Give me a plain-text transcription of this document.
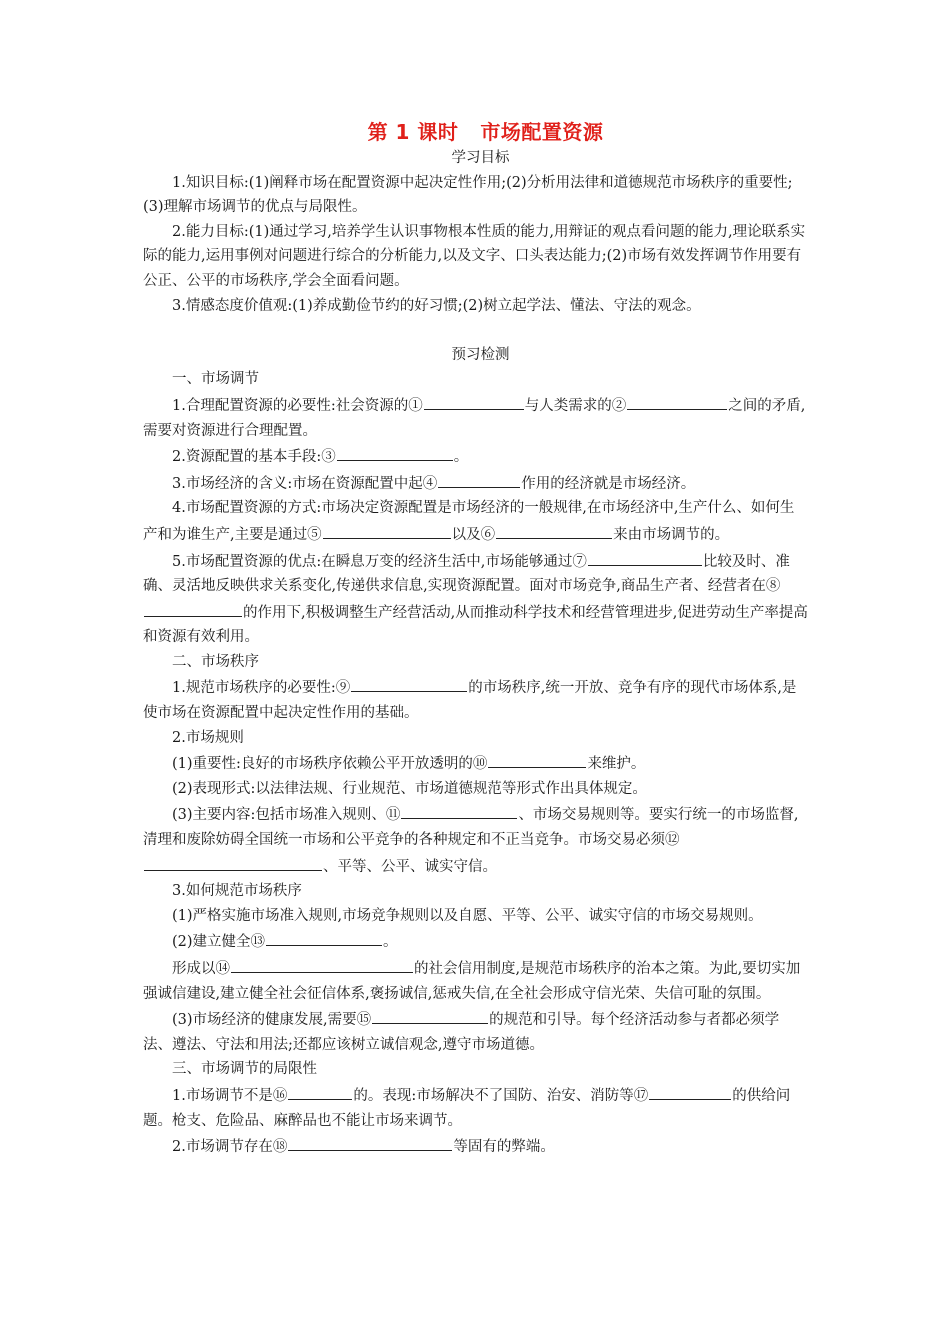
第 1 课时 市场配置资源

学习目标

1.知识目标:(1)阐释市场在配置资源中起决定性作用;(2)分析用法律和道德规范市场秩序的重要性;(3)理解市场调节的优点与局限性。

2.能力目标:(1)通过学习,培养学生认识事物根本性质的能力,用辩证的观点看问题的能力,理论联系实际的能力,运用事例对问题进行综合的分析能力,以及文字、口头表达能力;(2)市场有效发挥调节作用要有公正、公平的市场秩序,学会全面看问题。

3.情感态度价值观:(1)养成勤俭节约的好习惯;(2)树立起学法、懂法、守法的观念。

预习检测

一、市场调节

1.合理配置资源的必要性:社会资源的①	与人类需求的②	之间的矛盾,需要对资源进行合理配置。

2.资源配置的基本手段:③	。

3.市场经济的含义:市场在资源配置中起④	作用的经济就是市场经济。

4.市场配置资源的方式:市场决定资源配置是市场经济的一般规律,在市场经济中,生产什么、如何生产和为谁生产,主要是通过⑤	以及⑥	来由市场调节的。

5.市场配置资源的优点:在瞬息万变的经济生活中,市场能够通过⑦	比较及时、准确、灵活地反映供求关系变化,传递供求信息,实现资源配置。面对市场竞争,商品生产者、经营者在⑧的作用下,积极调整生产经营活动,从而推动科学技术和经营管理进步,促进劳动生产率提高和资源有效利用。

二、市场秩序

1.规范市场秩序的必要性:⑨	的市场秩序,统一开放、竞争有序的现代市场体系,是使市场在资源配置中起决定性作用的基础。

2.市场规则

(1)重要性:良好的市场秩序依赖公平开放透明的⑩	来维护。

(2)表现形式:以法律法规、行业规范、市场道德规范等形式作出具体规定。

(3)主要内容:包括市场准入规则、⑪	、市场交易规则等。要实行统一的市场监督,清理和废除妨碍全国统一市场和公平竞争的各种规定和不正当竞争。市场交易必须⑫、平等、公平、诚实守信。

3.如何规范市场秩序

(1)严格实施市场准入规则,市场竞争规则以及自愿、平等、公平、诚实守信的市场交易规则。

(2)建立健全⑬	。

形成以⑭	的社会信用制度,是规范市场秩序的治本之策。为此,要切实加强诚信建设,建立健全社会征信体系,褒扬诚信,惩戒失信,在全社会形成守信光荣、失信可耻的氛围。

(3)市场经济的健康发展,需要⑮	的规范和引导。每个经济活动参与者都必须学法、遵法、守法和用法;还都应该树立诚信观念,遵守市场道德。

三、市场调节的局限性

1.市场调节不是⑯	的。表现:市场解决不了国防、治安、消防等⑰	的供给问题。枪支、危险品、麻醉品也不能让市场来调节。

2.市场调节存在⑱	等固有的弊端。
